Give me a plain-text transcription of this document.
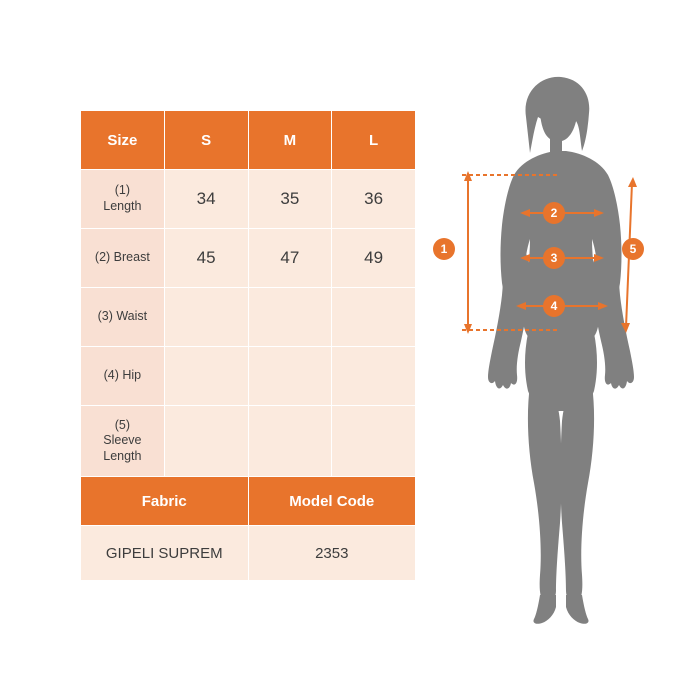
Size	S	M	L

(1)
Length	34	35	36
(2) Breast	45	47	49
(3) Waist			
(4) Hip			

(5)
Sleeve
Length			

Fabric		Model Code	
GIPELI SUPREM		2353	
1
2
3
4
5
